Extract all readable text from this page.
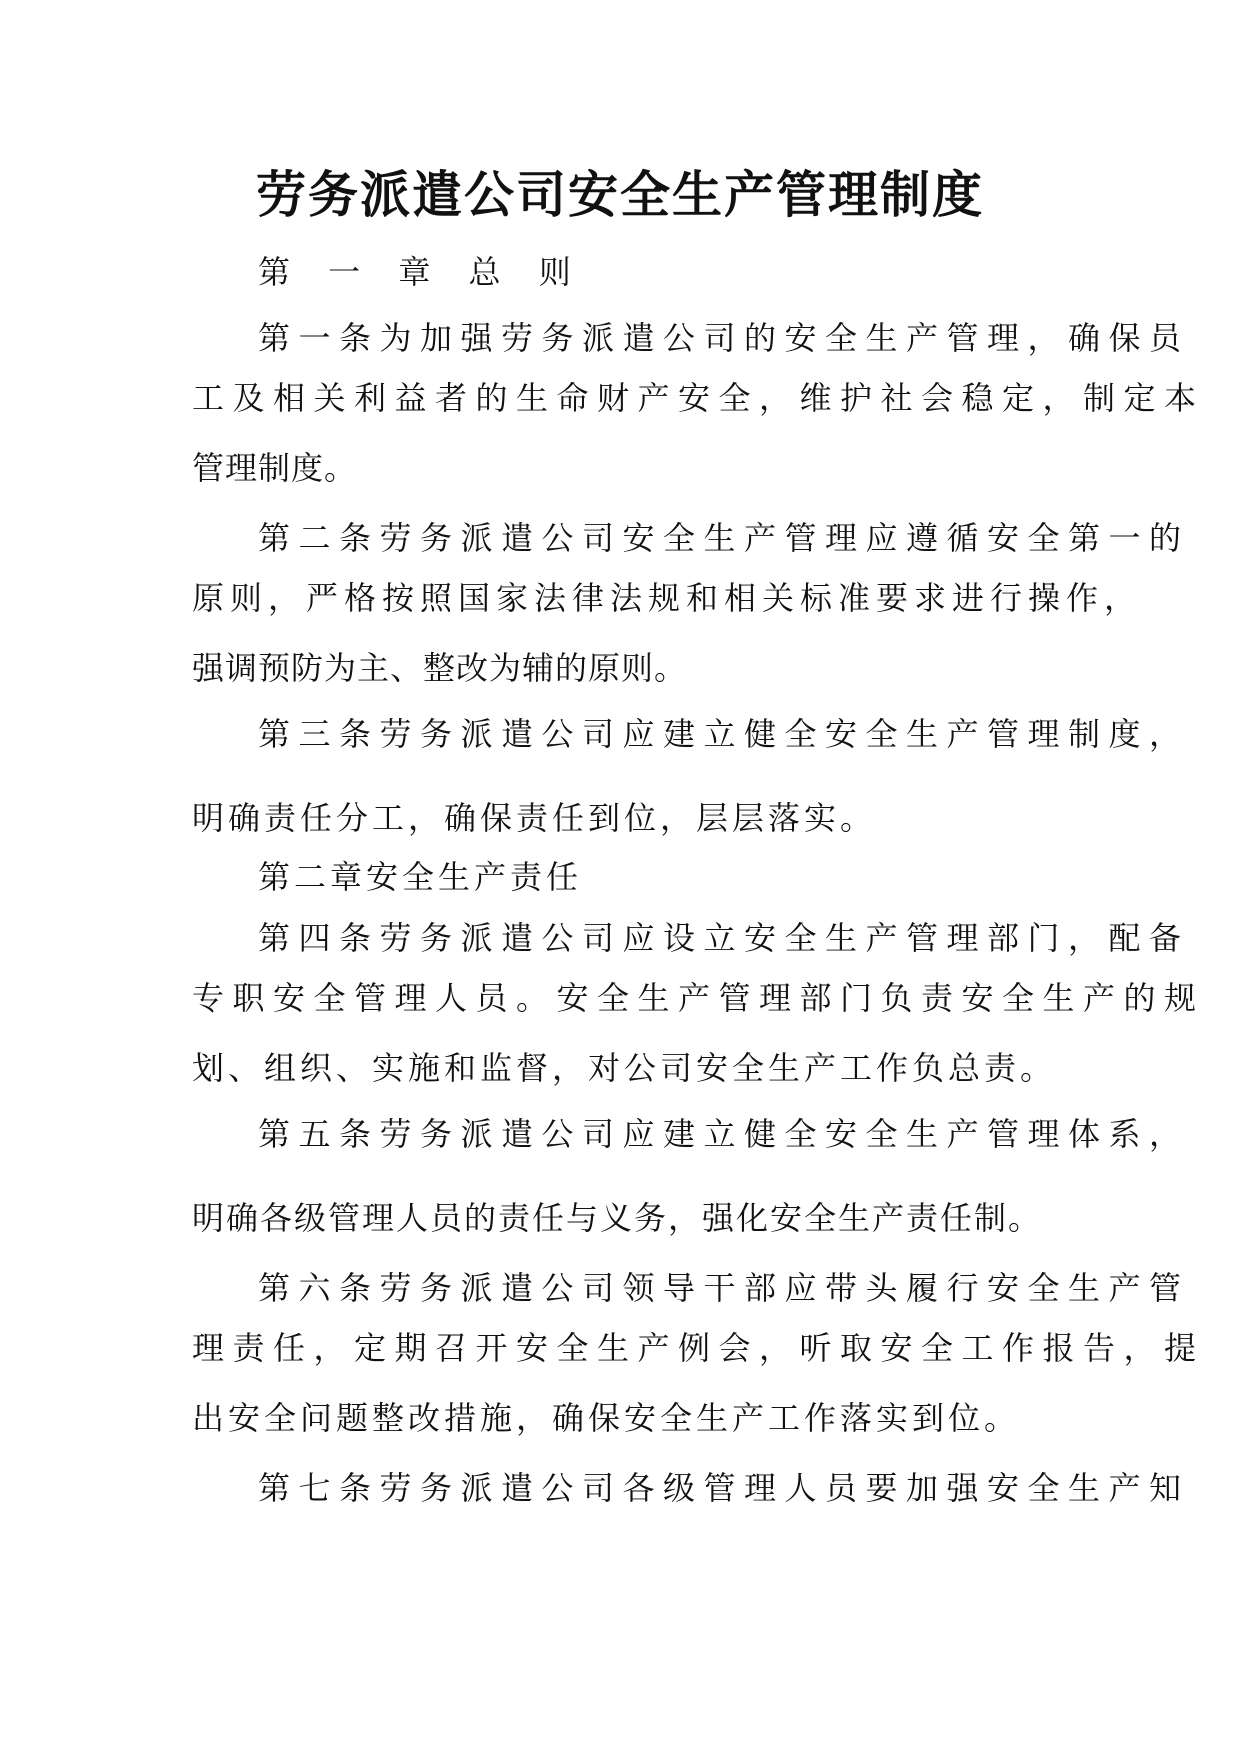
劳务派遣公司安全生产管理制度
第 一 章 总 则
第一条为加强劳务派遣公司的安全生产管理，确保员
工及相关利益者的生命财产安全，维护社会稳定，制定本
管理制度。
第二条劳务派遣公司安全生产管理应遵循安全第一的
原则，严格按照国家法律法规和相关标准要求进行操作，
强调预防为主、整改为辅的原则。
第三条劳务派遣公司应建立健全安全生产管理制度，
明确责任分工，确保责任到位，层层落实。
第二章安全生产责任
第四条劳务派遣公司应设立安全生产管理部门，配备
专职安全管理人员。安全生产管理部门负责安全生产的规
划、组织、实施和监督，对公司安全生产工作负总责。
第五条劳务派遣公司应建立健全安全生产管理体系，
明确各级管理人员的责任与义务，强化安全生产责任制。
第六条劳务派遣公司领导干部应带头履行安全生产管
理责任，定期召开安全生产例会，听取安全工作报告，提
出安全问题整改措施，确保安全生产工作落实到位。
第七条劳务派遣公司各级管理人员要加强安全生产知
